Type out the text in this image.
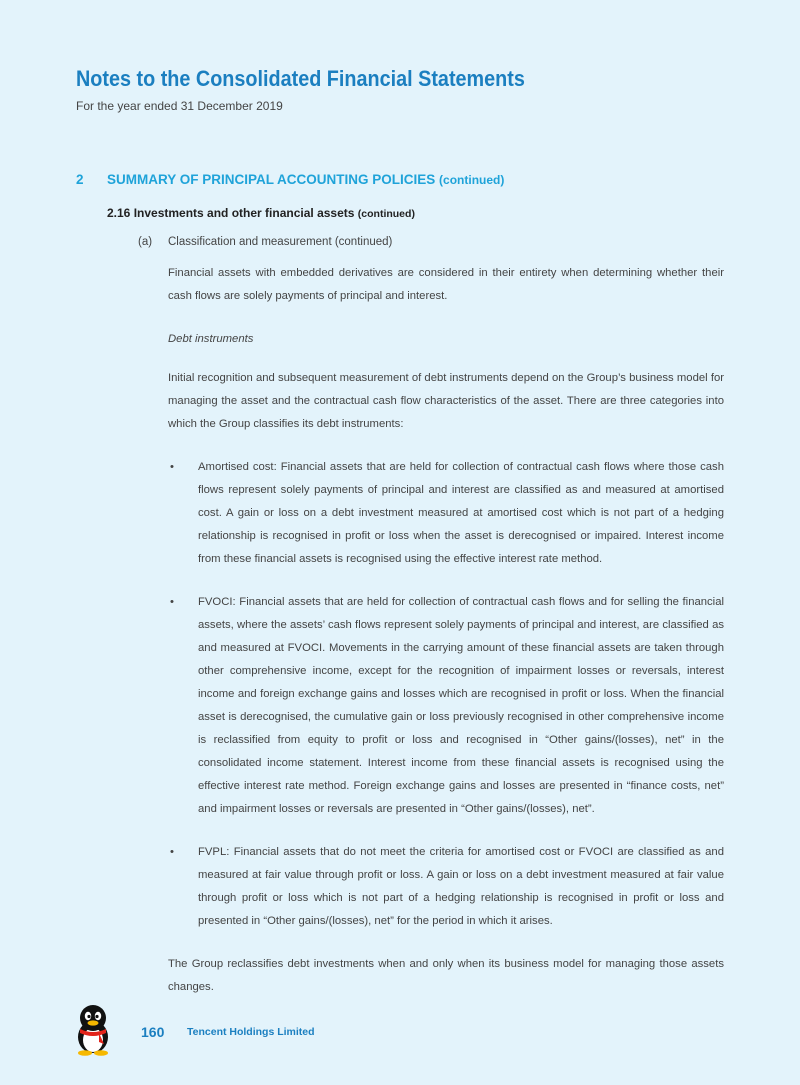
Notes to the Consolidated Financial Statements
For the year ended 31 December 2019
2 SUMMARY OF PRINCIPAL ACCOUNTING POLICIES (continued)
2.16 Investments and other financial assets (continued)
(a) Classification and measurement (continued)

Financial assets with embedded derivatives are considered in their entirety when determining whether their cash flows are solely payments of principal and interest.

Debt instruments

Initial recognition and subsequent measurement of debt instruments depend on the Group’s business model for managing the asset and the contractual cash flow characteristics of the asset. There are three categories into which the Group classifies its debt instruments:

• Amortised cost: Financial assets that are held for collection of contractual cash flows where those cash flows represent solely payments of principal and interest are classified as and measured at amortised cost. A gain or loss on a debt investment measured at amortised cost which is not part of a hedging relationship is recognised in profit or loss when the asset is derecognised or impaired. Interest income from these financial assets is recognised using the effective interest rate method.
• FVOCI: Financial assets that are held for collection of contractual cash flows and for selling the financial assets, where the assets’ cash flows represent solely payments of principal and interest, are classified as and measured at FVOCI. Movements in the carrying amount of these financial assets are taken through other comprehensive income, except for the recognition of impairment losses or reversals, interest income and foreign exchange gains and losses which are recognised in profit or loss. When the financial asset is derecognised, the cumulative gain or loss previously recognised in other comprehensive income is reclassified from equity to profit or loss and recognised in “Other gains/(losses), net” in the consolidated income statement. Interest income from these financial assets is recognised using the effective interest rate method. Foreign exchange gains and losses are presented in “finance costs, net” and impairment losses or reversals are presented in “Other gains/(losses), net”.
• FVPL: Financial assets that do not meet the criteria for amortised cost or FVOCI are classified as and measured at fair value through profit or loss. A gain or loss on a debt investment measured at fair value through profit or loss which is not part of a hedging relationship is recognised in profit or loss and presented in “Other gains/(losses), net” for the period in which it arises.

The Group reclassifies debt investments when and only when its business model for managing those assets changes.

160 Tencent Holdings Limited
